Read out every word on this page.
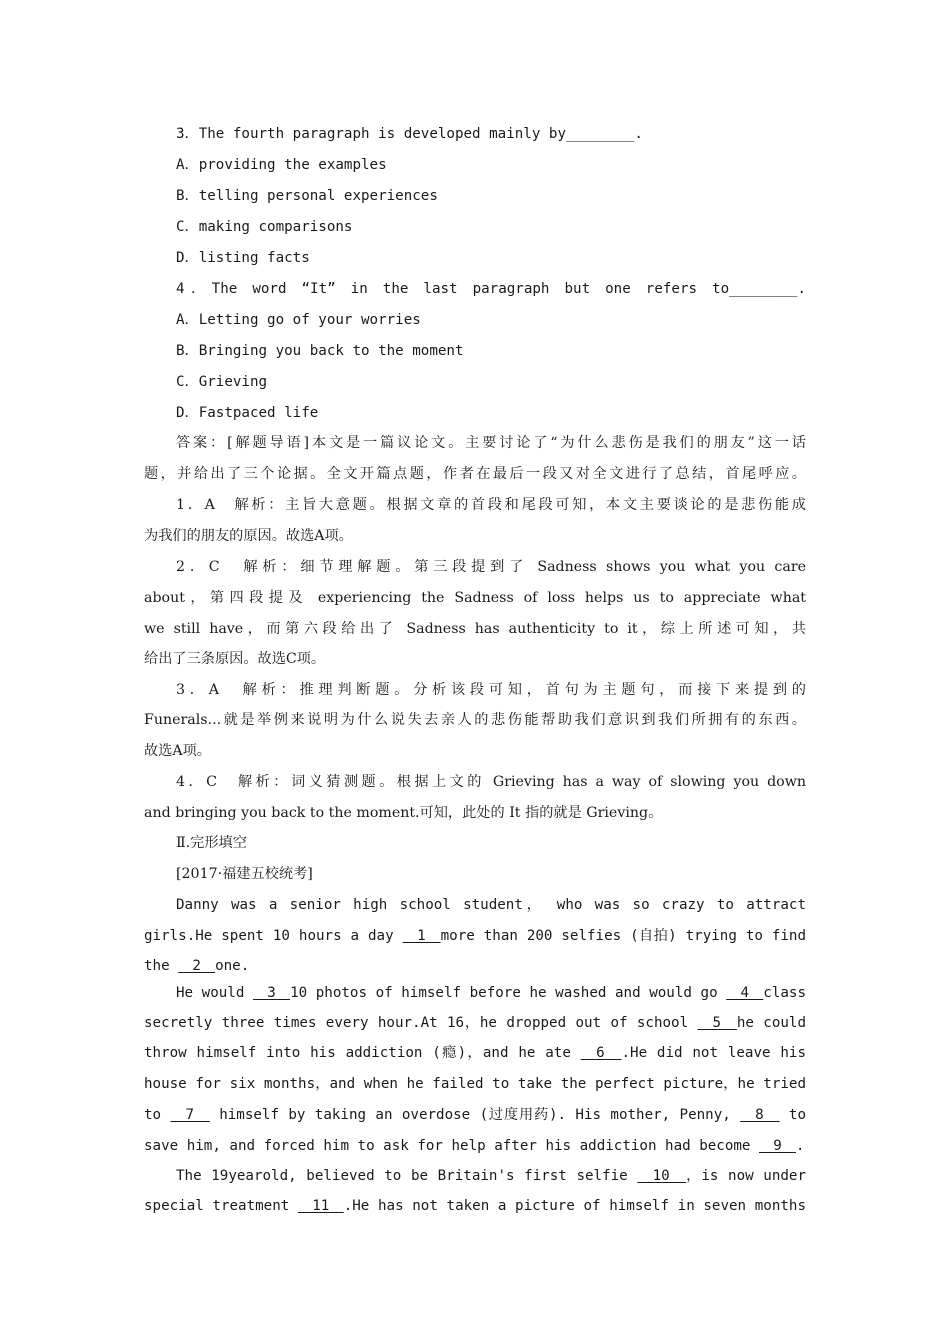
3．The fourth paragraph is developed mainly by________.
A．providing the examples
B．telling personal experiences
C．making comparisons
D．listing facts
4．The word “It” in the last paragraph but one refers to________.
A．Letting go of your worries
B．Bringing you back to the moment
C．Grieving
D．Fastpaced life
答案：[解题导语]本文是一篇议论文。主要讨论了“为什么悲伤是我们的朋友”这一话
题，并给出了三个论据。全文开篇点题，作者在最后一段又对全文进行了总结，首尾呼应。
1．A　解析：主旨大意题。根据文章的首段和尾段可知，本文主要谈论的是悲伤能成
为我们的朋友的原因。故选A项。
2．C　解析：细节理解题。第三段提到了 Sadness shows you what you care
about，第四段提及 experiencing the Sadness of loss helps us to appreciate what
we still have，而第六段给出了 Sadness has authenticity to it，综上所述可知，共
给出了三条原因。故选C项。
3．A　解析：推理判断题。分析该段可知，首句为主题句，而接下来提到的
Funerals...就是举例来说明为什么说失去亲人的悲伤能帮助我们意识到我们所拥有的东西。
故选A项。
4．C　解析：词义猜测题。根据上文的 Grieving has a way of slowing you down
and bringing you back to the moment.可知，此处的 It 指的就是 Grieving。
Ⅱ.完形填空
[2017·福建五校统考]
Danny was a senior high school student， who was so crazy to attract
girls.He spent 10 hours a day 　1　more than 200 selfies (自拍) trying to find
the 　2　one.
He would 　3　10 photos of himself before he washed and would go 　4　class
secretly three times every hour.At 16，he dropped out of school 　5　he could
throw himself into his addiction (瘾)，and he ate 　6　.He did not leave his
house for six months，and when he failed to take the perfect picture，he tried
to 　7　 himself by taking an overdose (过度用药). His mother, Penny, 　8　 to
save him, and forced him to ask for help after his addiction had become 　9　.
The 19yearold, believed to be Britain's first selfie 　10　，is now under
special treatment 　11　.He has not taken a picture of himself in seven months
